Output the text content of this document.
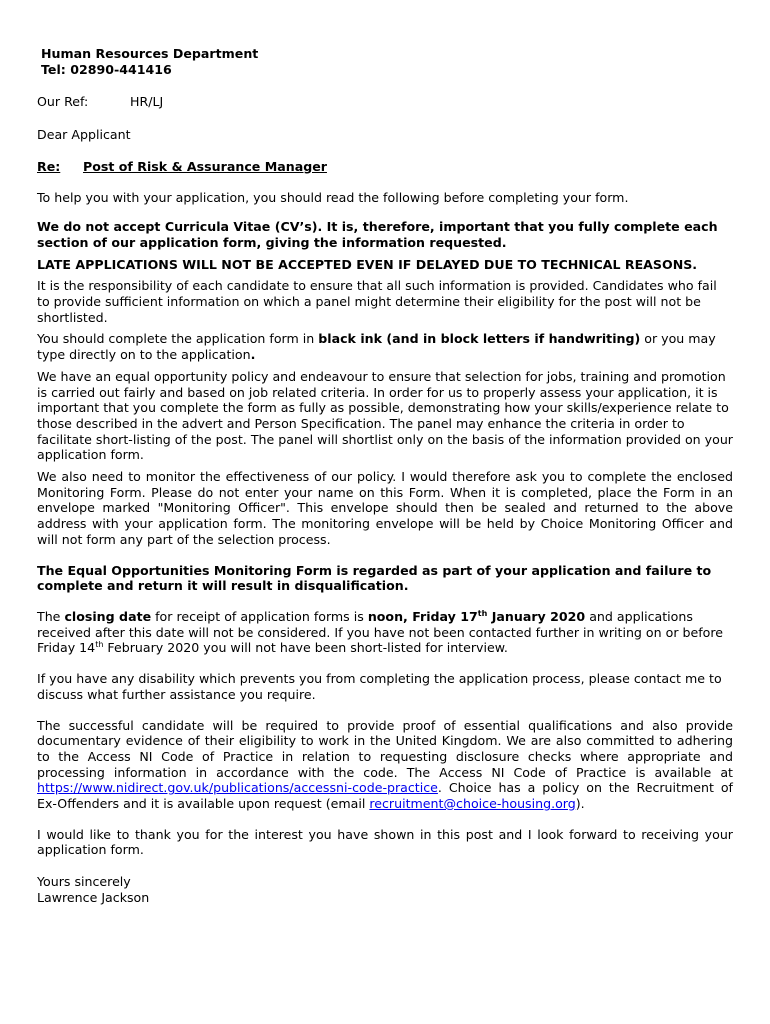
Human Resources Department

Tel: 02890-441416

Our Ref:	HR/LJ

Dear Applicant

Re: Post of Risk & Assurance Manager

To help you with your application, you should read the following before completing your form.

We do not accept Curricula Vitae (CV’s). It is, therefore, important that you fully complete each section of our application form, giving the information requested.

LATE APPLICATIONS WILL NOT BE ACCEPTED EVEN IF DELAYED DUE TO TECHNICAL REASONS.

It is the responsibility of each candidate to ensure that all such information is provided. Candidates who fail to provide sufficient information on which a panel might determine their eligibility for the post will not be shortlisted.

You should complete the application form in black ink (and in block letters if handwriting) or you may type directly on to the application.

We have an equal opportunity policy and endeavour to ensure that selection for jobs, training and promotion is carried out fairly and based on job related criteria. In order for us to properly assess your application, it is important that you complete the form as fully as possible, demonstrating how your skills/experience relate to those described in the advert and Person Specification. The panel may enhance the criteria in order to facilitate short-listing of the post. The panel will shortlist only on the basis of the information provided on your application form.

We also need to monitor the effectiveness of our policy. I would therefore ask you to complete the enclosed Monitoring Form. Please do not enter your name on this Form. When it is completed, place the Form in an envelope marked "Monitoring Officer". This envelope should then be sealed and returned to the above address with your application form. The monitoring envelope will be held by Choice Monitoring Officer and will not form any part of the selection process.

The Equal Opportunities Monitoring Form is regarded as part of your application and failure to complete and return it will result in disqualification.

The closing date for receipt of application forms is noon, Friday 17th January 2020 and applications received after this date will not be considered. If you have not been contacted further in writing on or before Friday 14th February 2020 you will not have been short-listed for interview.

If you have any disability which prevents you from completing the application process, please contact me to discuss what further assistance you require.

The successful candidate will be required to provide proof of essential qualifications and also provide documentary evidence of their eligibility to work in the United Kingdom. We are also committed to adhering to the Access NI Code of Practice in relation to requesting disclosure checks where appropriate and processing information in accordance with the code. The Access NI Code of Practice is available at https://www.nidirect.gov.uk/publications/accessni-code-practice. Choice has a policy on the Recruitment of Ex-Offenders and it is available upon request (email recruitment@choice-housing.org).

I would like to thank you for the interest you have shown in this post and I look forward to receiving your application form.

Yours sincerely

Lawrence Jackson
